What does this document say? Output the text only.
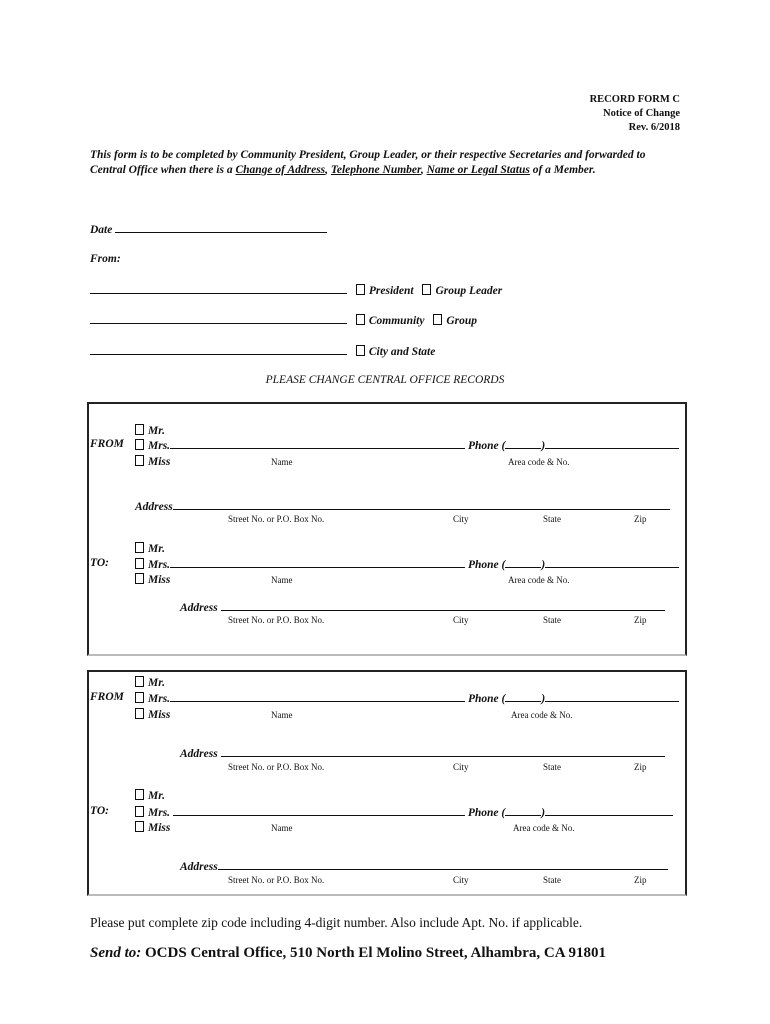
RECORD FORM C
Notice of Change
Rev. 6/2018
This form is to be completed by Community President, Group Leader, or their respective Secretaries and forwarded to Central Office when there is a Change of Address, Telephone Number, Name or Legal Status of a Member.
Date
From:
President Group Leader
Community Group
City and State
PLEASE CHANGE CENTRAL OFFICE RECORDS
Mr.
FROM	Mrs.	Phone (	)
Miss	Name	Area code & No.
Address
Street No. or P.O. Box No.	City	State	Zip
Mr.
TO:	Mrs.	Phone (	)
Miss	Name	Area code & No.
Address
Street No. or P.O. Box No.	City	State	Zip
Mr.
FROM	Mrs.	Phone (	)
Miss	Name	Area code & No.
Address
Street No. or P.O. Box No.	City	State	Zip
Mr.
TO:	Mrs.	Phone (	)
Miss	Name	Area code & No.
Address
Street No. or P.O. Box No.	City	State	Zip
Please put complete zip code including 4-digit number. Also include Apt. No. if applicable.
Send to: OCDS Central Office, 510 North El Molino Street, Alhambra, CA 91801
